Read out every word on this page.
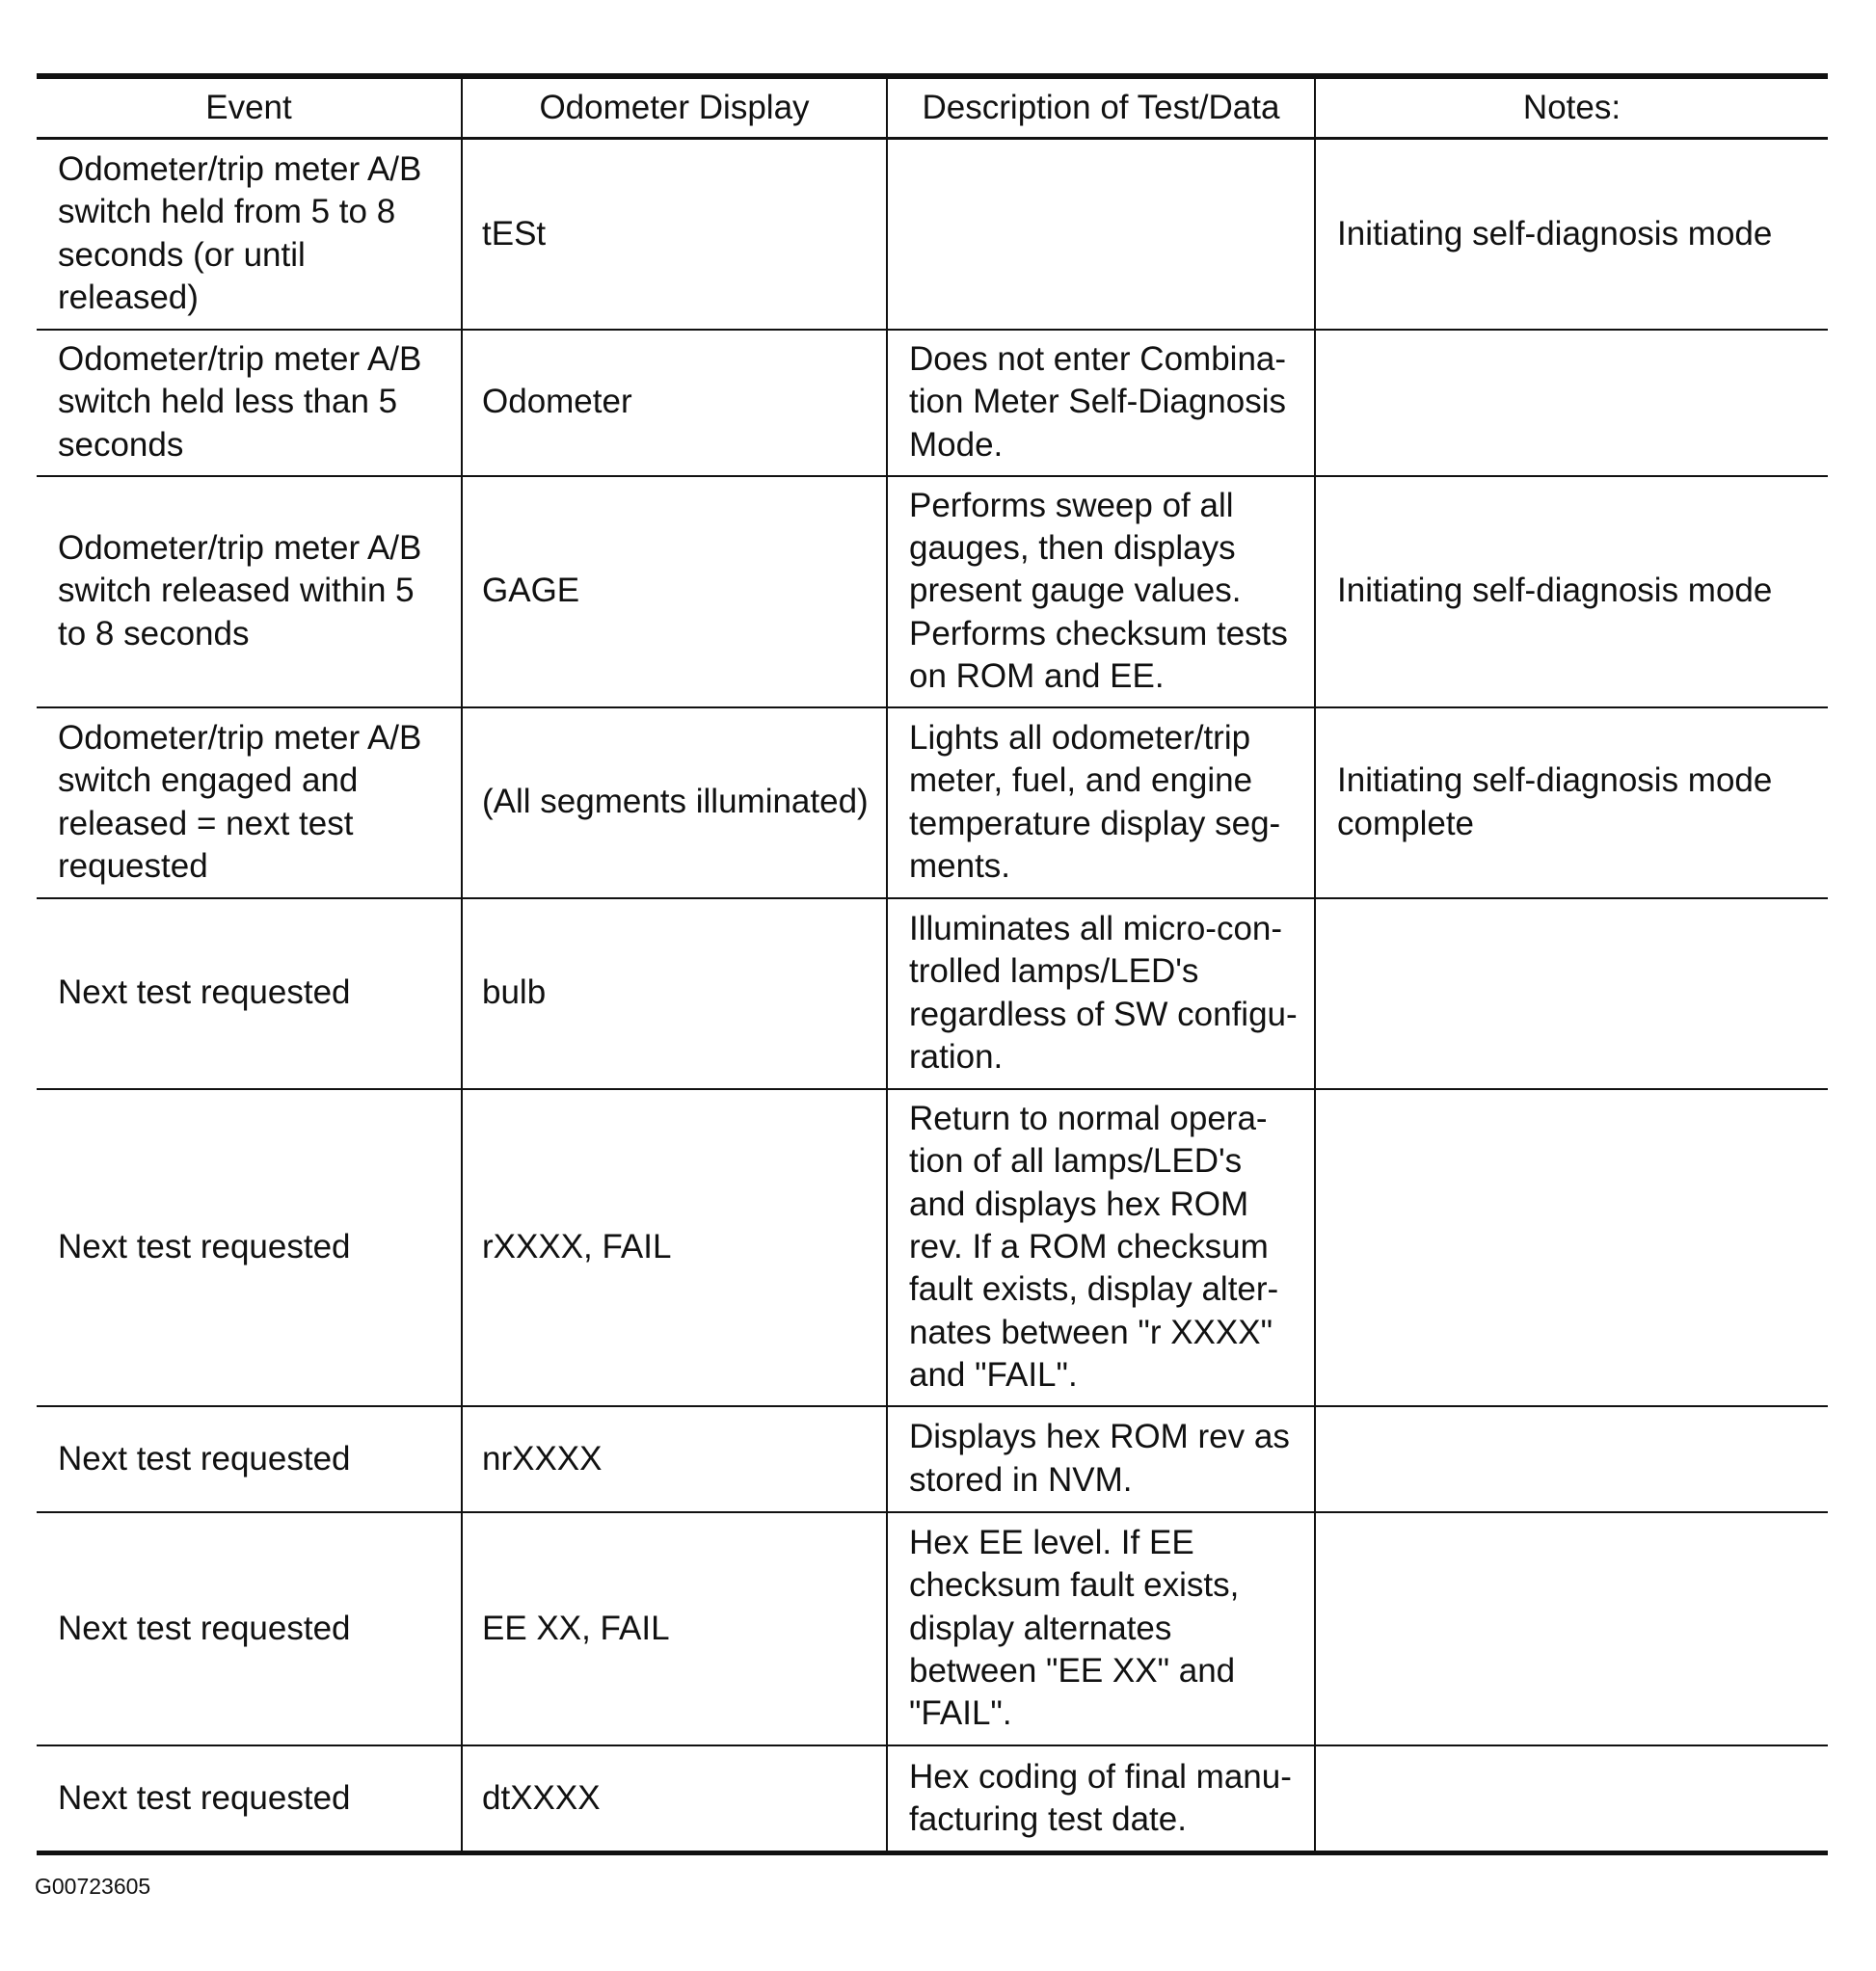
Event	Odometer Display	Description of Test/Data	Notes:
Odometer/trip meter A/B switch held from 5 to 8 seconds (or until released)	tESt		Initiating self-diagnosis mode
Odometer/trip meter A/B switch held less than 5 seconds	Odometer	Does not enter Combina-tion Meter Self-Diagnosis Mode.	
Odometer/trip meter A/B switch released within 5 to 8 seconds	GAGE	Performs sweep of all gauges, then displays present gauge values. Performs checksum tests on ROM and EE.	Initiating self-diagnosis mode
Odometer/trip meter A/B switch engaged and released = next test requested	(All segments illuminated)	Lights all odometer/trip meter, fuel, and engine temperature display seg-ments.	Initiating self-diagnosis mode complete
Next test requested	bulb	Illuminates all micro-con-trolled lamps/LED's regardless of SW configu-ration.	
Next test requested	rXXXX, FAIL	Return to normal opera-tion of all lamps/LED's and displays hex ROM rev. If a ROM checksum fault exists, display alter-nates between "r XXXX" and "FAIL".	
Next test requested	nrXXXX	Displays hex ROM rev as stored in NVM.	
Next test requested	EE XX, FAIL	Hex EE level. If EE checksum fault exists, display alternates between "EE XX" and "FAIL".	
Next test requested	dtXXXX	Hex coding of final manu-facturing test date.	
G00723605
